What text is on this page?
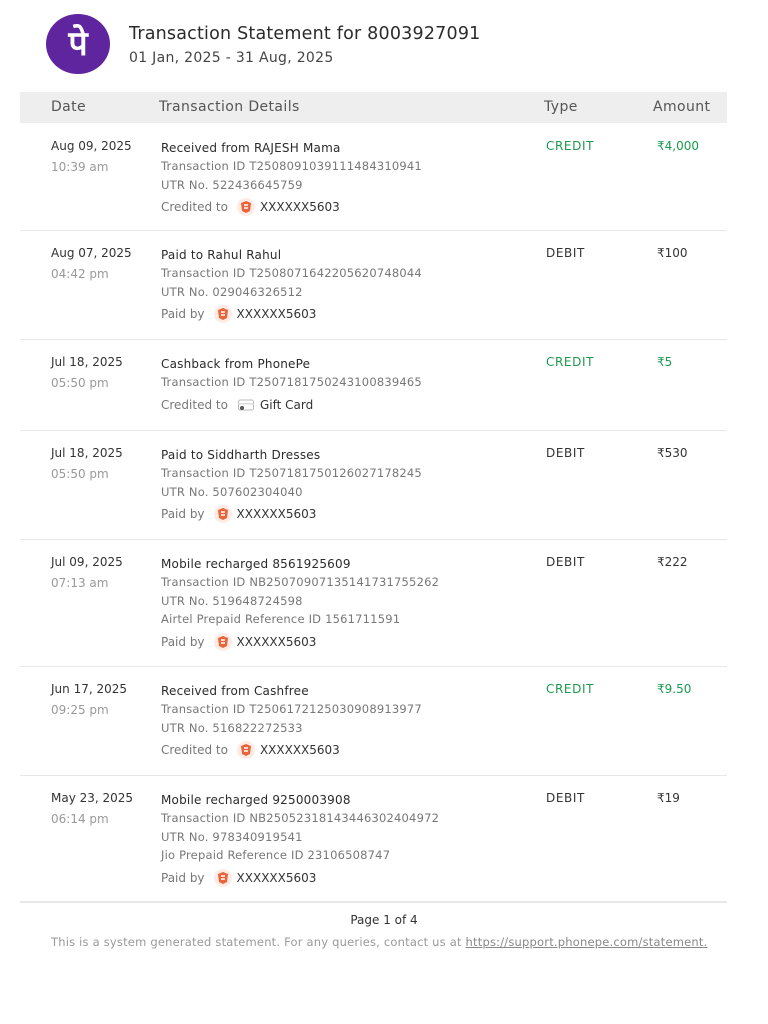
पे Transaction Statement for 8003927091
01 Jan, 2025 - 31 Aug, 2025
Date	Transaction Details	Type	Amount
Aug 09, 2025
10:39 am
Received from RAJESH Mama
Transaction ID T2508091039111484310941
UTR No. 522436645759
Credited to	XXXXXX5603
CREDIT	₹4,000
Aug 07, 2025
04:42 pm
Paid to Rahul Rahul
Transaction ID T2508071642205620748044
UTR No. 029046326512
Paid by	XXXXXX5603
DEBIT	₹100
Jul 18, 2025
05:50 pm
Cashback from PhonePe
Transaction ID T2507181750243100839465
Credited to	Gift Card
CREDIT	₹5
Jul 18, 2025
05:50 pm
Paid to Siddharth Dresses
Transaction ID T2507181750126027178245
UTR No. 507602304040
Paid by	XXXXXX5603
DEBIT	₹530
Jul 09, 2025
07:13 am
Mobile recharged 8561925609
Transaction ID NB25070907135141731755262
UTR No. 519648724598
Airtel Prepaid Reference ID 1561711591
Paid by	XXXXXX5603
DEBIT	₹222
Jun 17, 2025
09:25 pm
Received from Cashfree
Transaction ID T2506172125030908913977
UTR No. 516822272533
Credited to	XXXXXX5603
CREDIT	₹9.50
May 23, 2025
06:14 pm
Mobile recharged 9250003908
Transaction ID NB25052318143446302404972
UTR No. 978340919541
Jio Prepaid Reference ID 23106508747
Paid by	XXXXXX5603
DEBIT	₹19
Page 1 of 4
This is a system generated statement. For any queries, contact us at https://support.phonepe.com/statement.
